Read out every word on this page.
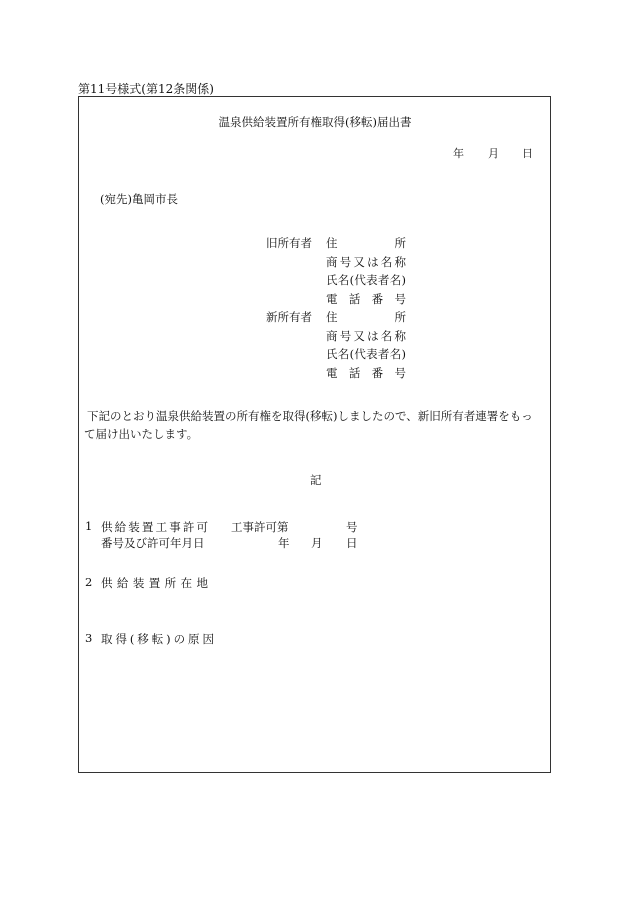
第11号様式(第12条関係)
温泉供給装置所有権取得(移転)届出書
年 月 日
(宛先)亀岡市長
旧所有者 住所
商号又は名称
氏名(代表者名)
電話番号
新所有者 住所
商号又は名称
氏名(代表者名)
電話番号
下記のとおり温泉供給装置の所有権を取得(移転)しましたので、新旧所有者連署をもっ
て届け出いたします。
記
1 供給装置工事許可
番号及び許可年月日
工事許可第	号
年 月 日
2 供給装置所在地
3 取得(移転)の原因
